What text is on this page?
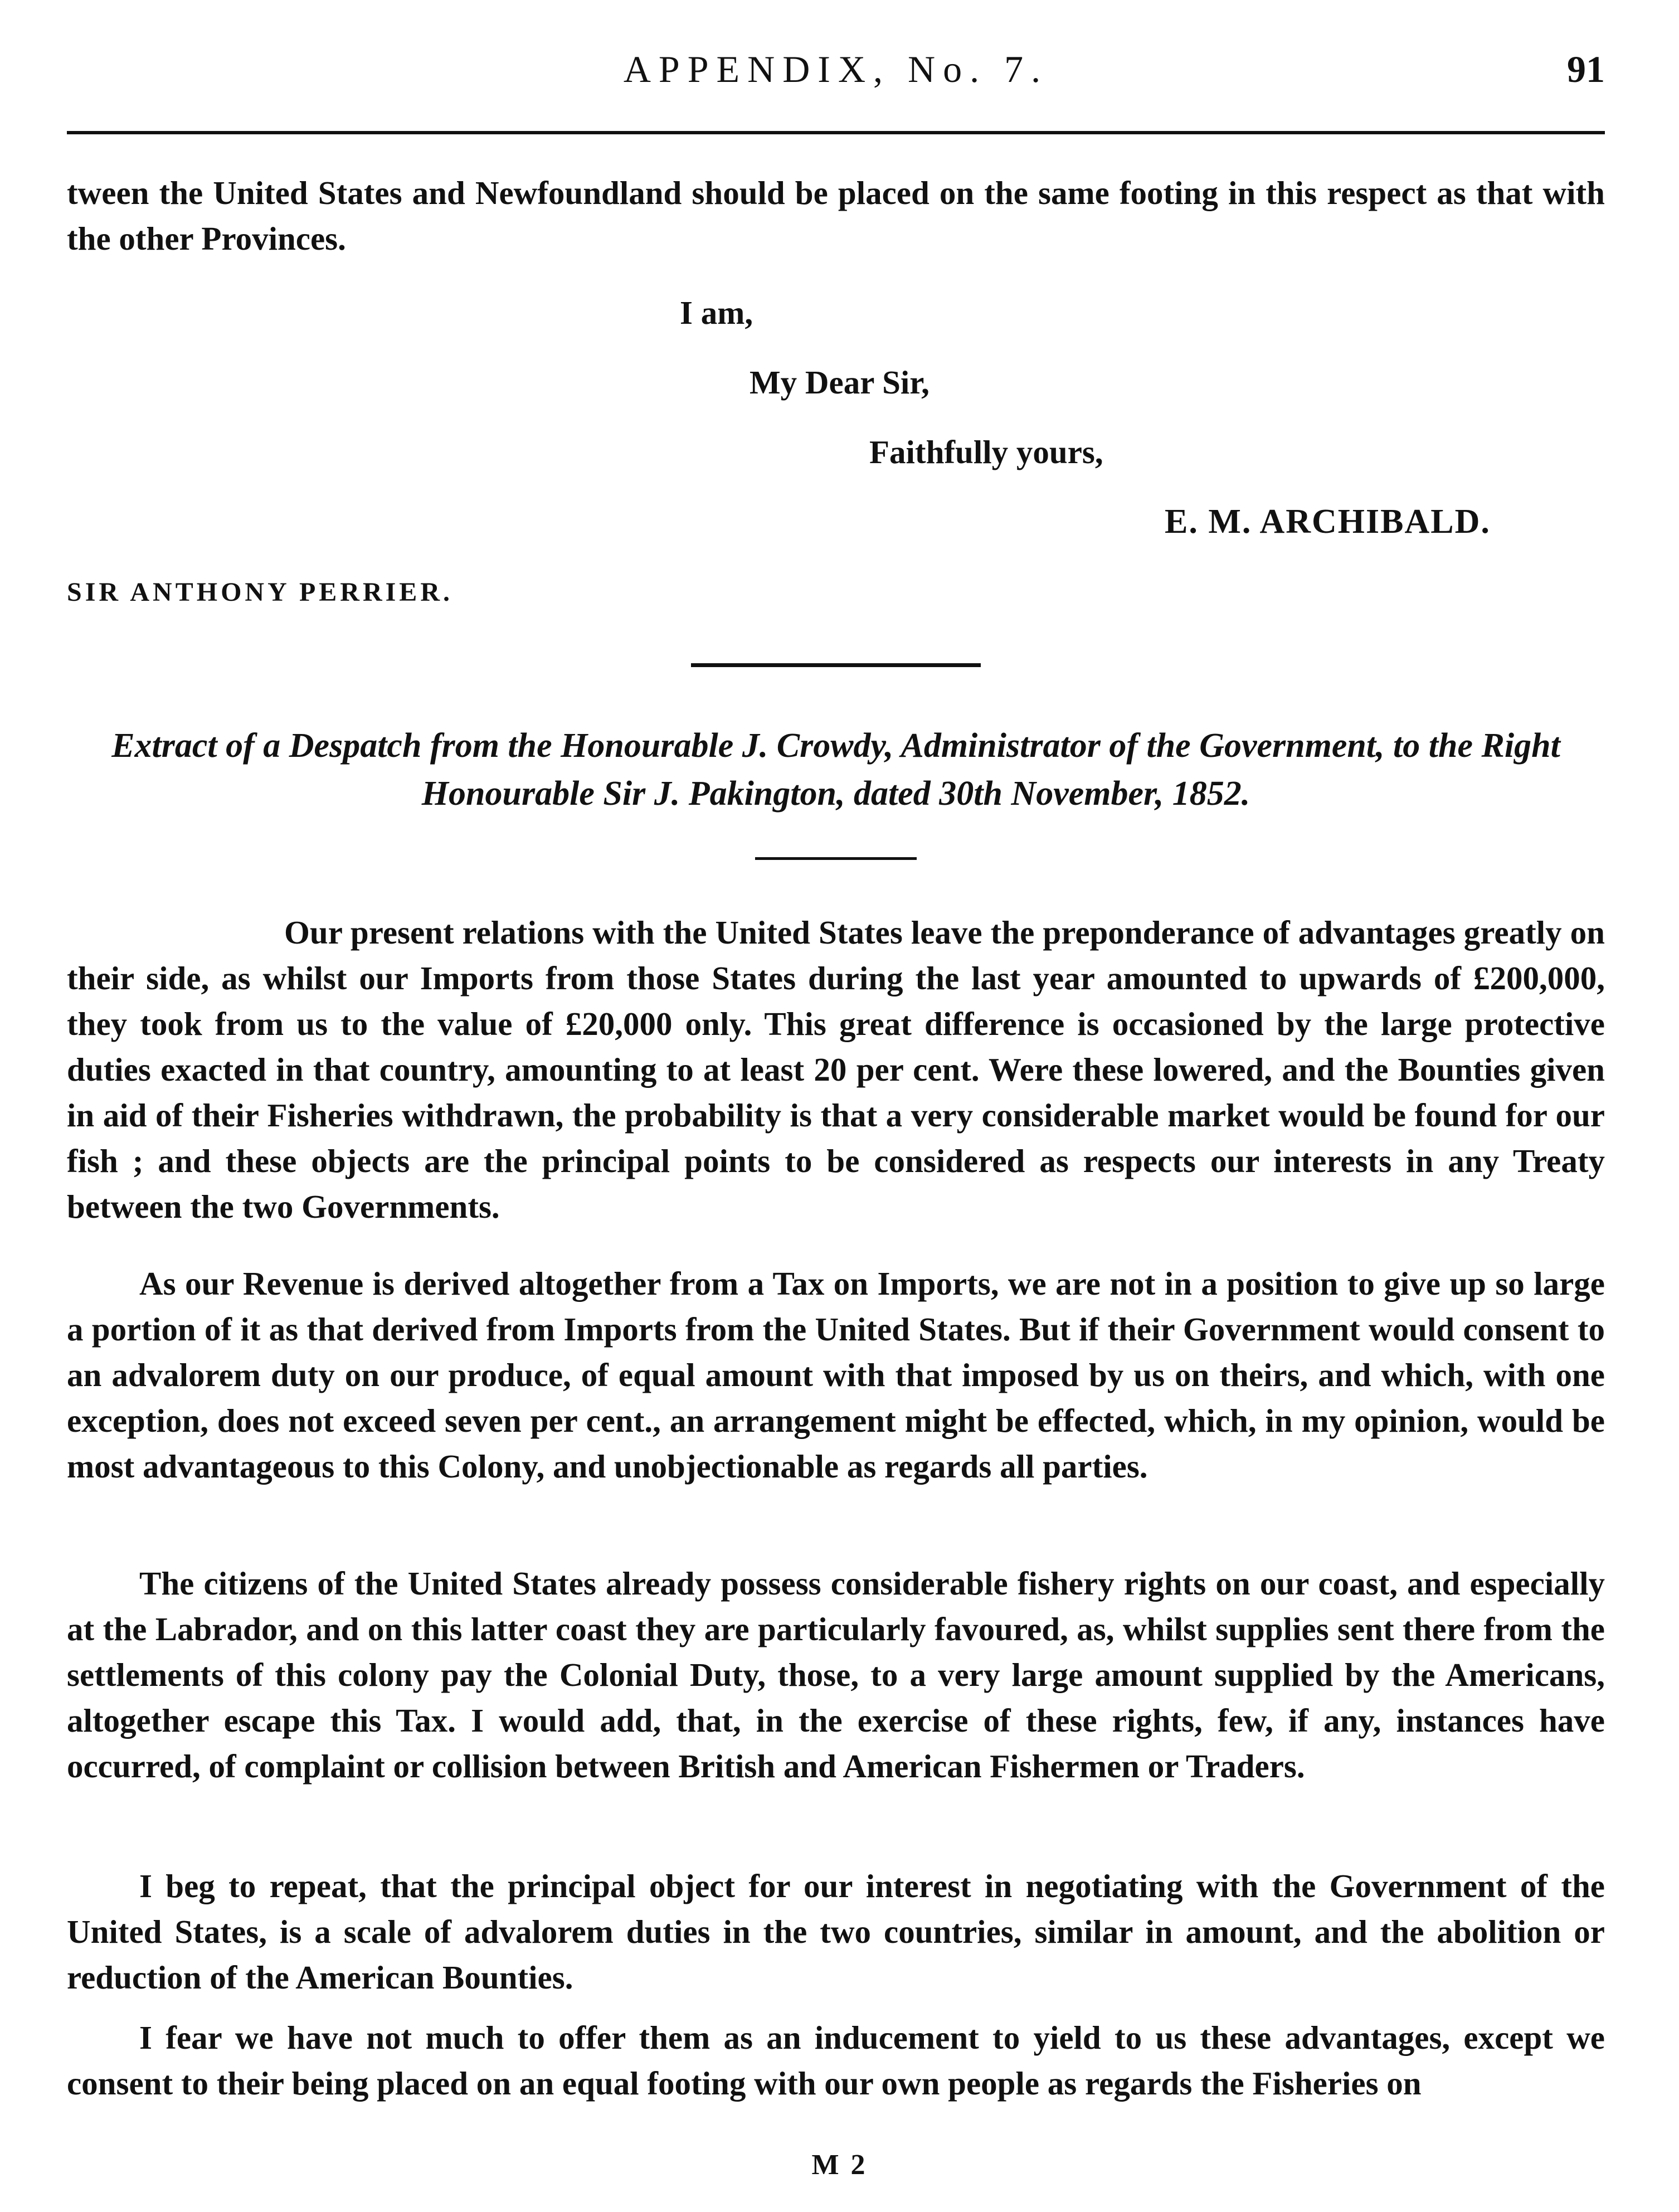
APPENDIX, No. 7.	91
tween the United States and Newfoundland should be placed on the same footing in this respect as that with the other Provinces.
I am,
My Dear Sir,
Faithfully yours,
E. M. ARCHIBALD.
SIR ANTHONY PERRIER.
Extract of a Despatch from the Honourable J. Crowdy, Administrator of the Government, to the Right Honourable Sir J. Pakington, dated 30th November, 1852.

Our present relations with the United States leave the preponderance of advantages greatly on their side, as whilst our Imports from those States during the last year amounted to upwards of £200,000, they took from us to the value of £20,000 only. This great difference is occasioned by the large protective duties exacted in that country, amounting to at least 20 per cent. Were these lowered, and the Bounties given in aid of their Fisheries withdrawn, the probability is that a very considerable market would be found for our fish ; and these objects are the principal points to be considered as respects our interests in any Treaty between the two Governments.

As our Revenue is derived altogether from a Tax on Imports, we are not in a position to give up so large a portion of it as that derived from Imports from the United States. But if their Government would consent to an advalorem duty on our produce, of equal amount with that imposed by us on theirs, and which, with one exception, does not exceed seven per cent., an arrangement might be effected, which, in my opinion, would be most advantageous to this Colony, and unobjectionable as regards all parties.

The citizens of the United States already possess considerable fishery rights on our coast, and especially at the Labrador, and on this latter coast they are particularly favoured, as, whilst supplies sent there from the settlements of this colony pay the Colonial Duty, those, to a very large amount supplied by the Americans, altogether escape this Tax. I would add, that, in the exercise of these rights, few, if any, instances have occurred, of complaint or collision between British and American Fishermen or Traders.

I beg to repeat, that the principal object for our interest in negotiating with the Government of the United States, is a scale of advalorem duties in the two countries, similar in amount, and the abolition or reduction of the American Bounties.

I fear we have not much to offer them as an inducement to yield to us these advantages, except we consent to their being placed on an equal footing with our own people as regards the Fisheries on

M 2
